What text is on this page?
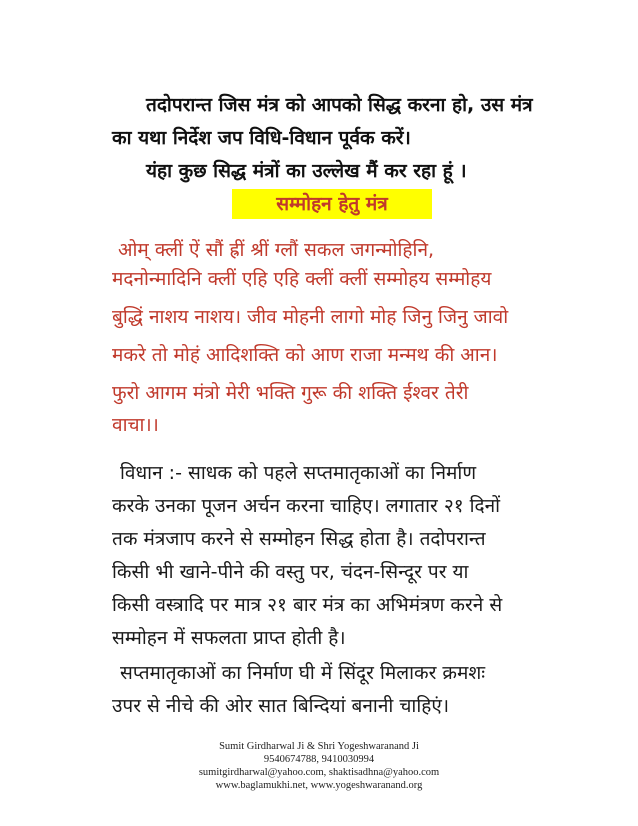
तदोपरान्त जिस मंत्र को आपको सिद्ध करना हो, उस मंत्र
का यथा निर्देश जप विधि-विधान पूर्वक करें।
यंहा कुछ सिद्ध मंत्रों का उल्लेख मैं कर रहा हूं ।
सम्मोहन हेतु मंत्र
ओम् क्लीं ऐं सौं ह्रीं श्रीं ग्लौं सकल जगन्मोहिनि,
मदनोन्मादिनि क्लीं एहि एहि क्लीं क्लीं सम्मोहय सम्मोहय
बुद्धिं नाशय नाशय। जीव मोहनी लागो मोह जिनु जिनु जावो
मकरे तो मोहं आदिशक्ति को आण राजा मन्मथ की आन।
फुरो आगम मंत्रो मेरी भक्ति गुरू की शक्ति ईश्वर तेरी
वाचा।।
विधान :- साधक को पहले सप्तमातृकाओं का निर्माण
करके उनका पूजन अर्चन करना चाहिए। लगातार २१ दिनों
तक मंत्रजाप करने से सम्मोहन सिद्ध होता है। तदोपरान्त
किसी भी खाने-पीने की वस्तु पर, चंदन-सिन्दूर पर या
किसी वस्त्रादि पर मात्र २१ बार मंत्र का अभिमंत्रण करने से
सम्मोहन में सफलता प्राप्त होती है।
सप्तमातृकाओं का निर्माण घी में सिंदूर मिलाकर क्रमशः
उपर से नीचे की ओर सात बिन्दियां बनानी चाहिएं।
Sumit Girdharwal Ji & Shri Yogeshwaranand Ji
9540674788, 9410030994
sumitgirdharwal@yahoo.com, shaktisadhna@yahoo.com
www.baglamukhi.net, www.yogeshwaranand.org
